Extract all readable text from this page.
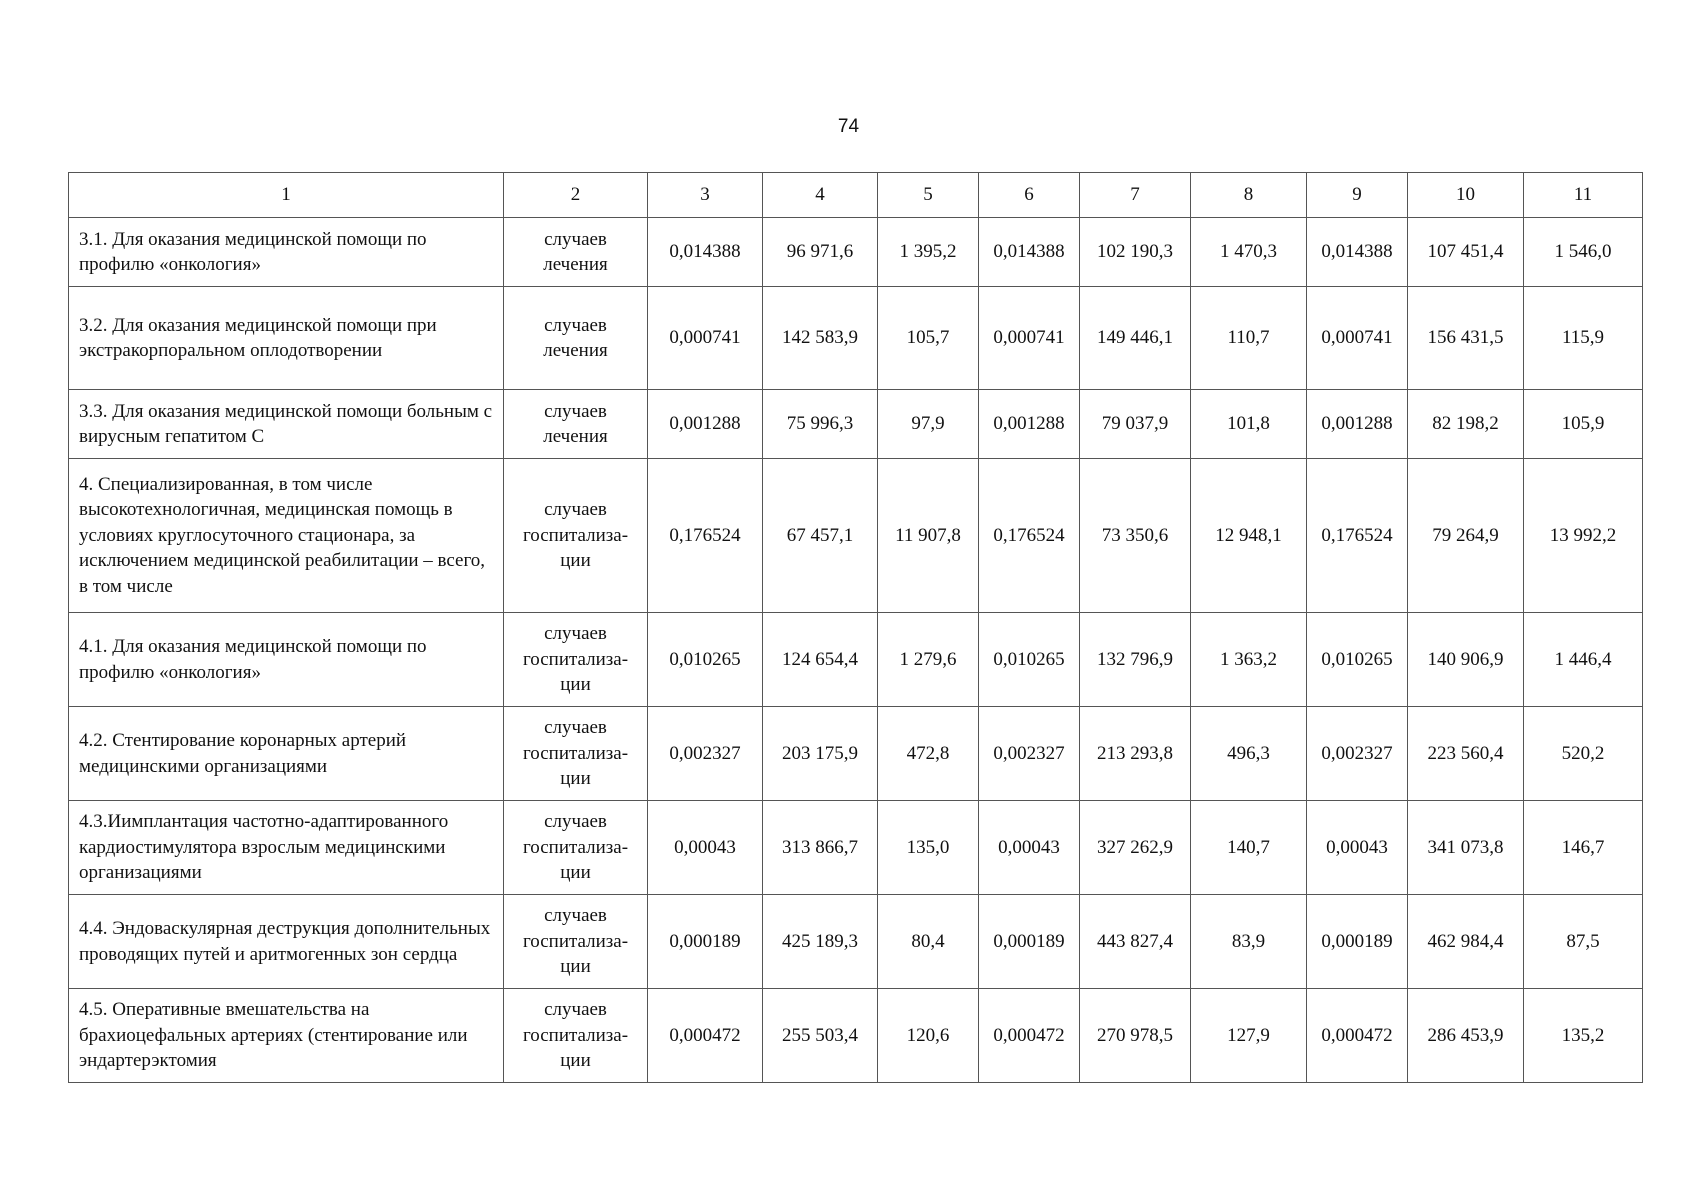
74
1	2	3	4	5	6	7	8	9	10	11
3.1. Для оказания медицинской помощи по профилю «онкология»	случаев лечения	0,014388	96 971,6	1 395,2	0,014388	102 190,3	1 470,3	0,014388	107 451,4	1 546,0
3.2. Для оказания медицинской помощи при экстракорпоральном оплодотворении	случаев лечения	0,000741	142 583,9	105,7	0,000741	149 446,1	110,7	0,000741	156 431,5	115,9
3.3. Для оказания медицинской помощи больным с вирусным гепатитом С	случаев лечения	0,001288	75 996,3	97,9	0,001288	79 037,9	101,8	0,001288	82 198,2	105,9
4. Специализированная, в том числе высокотехнологичная, медицинская помощь в условиях круглосуточного стационара, за исключением медицинской реабилитации – всего, в том числе	случаев госпитализа-ции	0,176524	67 457,1	11 907,8	0,176524	73 350,6	12 948,1	0,176524	79 264,9	13 992,2
4.1. Для оказания медицинской помощи по профилю «онкология»	случаев госпитализа-ции	0,010265	124 654,4	1 279,6	0,010265	132 796,9	1 363,2	0,010265	140 906,9	1 446,4
4.2. Стентирование коронарных артерий медицинскими организациями	случаев госпитализа-ции	0,002327	203 175,9	472,8	0,002327	213 293,8	496,3	0,002327	223 560,4	520,2
4.3.Иимплантация частотно-адаптированного кардиостимулятора взрослым медицинскими организациями	случаев госпитализа-ции	0,00043	313 866,7	135,0	0,00043	327 262,9	140,7	0,00043	341 073,8	146,7
4.4. Эндоваскулярная деструкция дополнительных проводящих путей и аритмогенных зон сердца	случаев госпитализа-ции	0,000189	425 189,3	80,4	0,000189	443 827,4	83,9	0,000189	462 984,4	87,5
4.5. Оперативные вмешательства на брахиоцефальных артериях (стентирование или эндартерэктомия	случаев госпитализа-ции	0,000472	255 503,4	120,6	0,000472	270 978,5	127,9	0,000472	286 453,9	135,2
